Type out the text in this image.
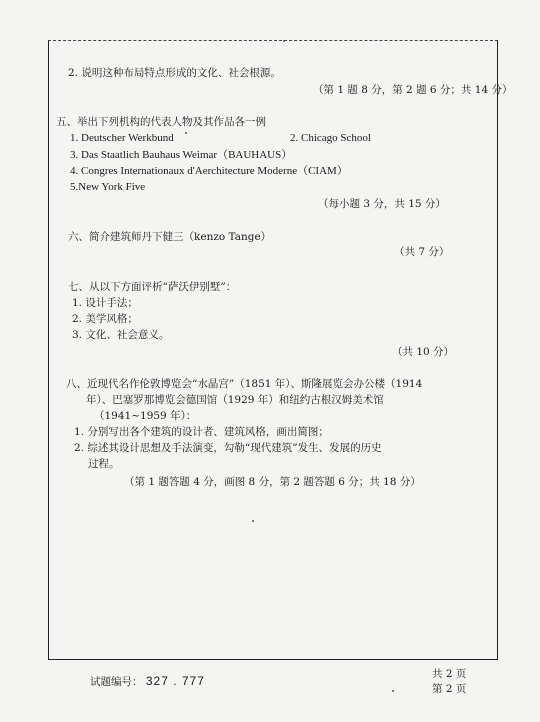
2. 说明这种布局特点形成的文化、社会根源。
（第 1 题 8 分，第 2 题 6 分；共 14 分）
五、举出下列机构的代表人物及其作品各一例
1. Deutscher Werkbund	2. Chicago School
3. Das Staatlich Bauhaus Weimar（BAUHAUS）
4. Congres Internationaux d'Aerchitecture Moderne（CIAM）
5.New York Five
（每小题 3 分，共 15 分）
六、简介建筑师丹下健三（kenzo Tange）
（共 7 分）
七、从以下方面评析“萨沃伊别墅”：
1. 设计手法；
2. 美学风格；
3. 文化、社会意义。
（共 10 分）
八、近现代名作伦敦博览会“水晶宫”（1851 年）、斯隆展览会办公楼（1914
年）、巴塞罗那博览会德国馆（1929 年）和纽约古根汉姆美术馆
（1941~1959 年）：
1. 分别写出各个建筑的设计者、建筑风格，画出简图；
2. 综述其设计思想及手法演变，勾勒“现代建筑”发生、发展的历史
过程。
（第 1 题答题 4 分，画图 8 分，第 2 题答题 6 分；共 18 分）
试题编号： 327 . 777	共 2 页
第 2 页
